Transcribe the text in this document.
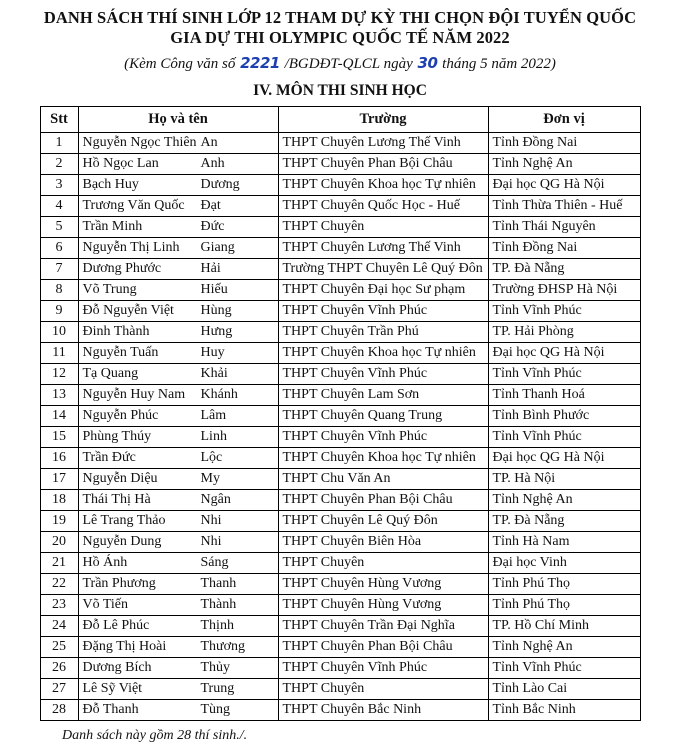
DANH SÁCH THÍ SINH LỚP 12 THAM DỰ KỲ THI CHỌN ĐỘI TUYỂN QUỐC
GIA DỰ THI OLYMPIC QUỐC TẾ NĂM 2022
(Kèm Công văn số 2221 /BGDĐT-QLCL ngày 30 tháng 5 năm 2022)
IV. MÔN THI SINH HỌC
Stt	Họ và tên	Trường	Đơn vị
1	Nguyễn Ngọc Thiên An	THPT Chuyên Lương Thế Vinh	Tỉnh Đồng Nai
2	Hồ Ngọc Lan Anh	THPT Chuyên Phan Bội Châu	Tỉnh Nghệ An
3	Bạch Huy Dương	THPT Chuyên Khoa học Tự nhiên	Đại học QG Hà Nội
4	Trương Văn Quốc Đạt	THPT Chuyên Quốc Học - Huế	Tỉnh Thừa Thiên - Huế
5	Trần Minh Đức	THPT Chuyên	Tỉnh Thái Nguyên
6	Nguyễn Thị Linh Giang	THPT Chuyên Lương Thế Vinh	Tỉnh Đồng Nai
7	Dương Phước Hải	Trường THPT Chuyên Lê Quý Đôn	TP. Đà Nẵng
8	Võ Trung Hiếu	THPT Chuyên Đại học Sư phạm	Trường ĐHSP Hà Nội
9	Đỗ Nguyễn Việt Hùng	THPT Chuyên Vĩnh Phúc	Tỉnh Vĩnh Phúc
10	Đinh Thành Hưng	THPT Chuyên Trần Phú	TP. Hải Phòng
11	Nguyễn Tuấn Huy	THPT Chuyên Khoa học Tự nhiên	Đại học QG Hà Nội
12	Tạ Quang Khải	THPT Chuyên Vĩnh Phúc	Tỉnh Vĩnh Phúc
13	Nguyễn Huy Nam Khánh	THPT Chuyên Lam Sơn	Tỉnh Thanh Hoá
14	Nguyễn Phúc Lâm	THPT Chuyên Quang Trung	Tỉnh Bình Phước
15	Phùng Thúy Linh	THPT Chuyên Vĩnh Phúc	Tỉnh Vĩnh Phúc
16	Trần Đức Lộc	THPT Chuyên Khoa học Tự nhiên	Đại học QG Hà Nội
17	Nguyễn Diệu My	THPT Chu Văn An	TP. Hà Nội
18	Thái Thị Hà Ngân	THPT Chuyên Phan Bội Châu	Tỉnh Nghệ An
19	Lê Trang Thảo Nhi	THPT Chuyên Lê Quý Đôn	TP. Đà Nẵng
20	Nguyễn Dung Nhi	THPT Chuyên Biên Hòa	Tỉnh Hà Nam
21	Hồ Ánh Sáng	THPT Chuyên	Đại học Vinh
22	Trần Phương Thanh	THPT Chuyên Hùng Vương	Tỉnh Phú Thọ
23	Võ Tiến Thành	THPT Chuyên Hùng Vương	Tỉnh Phú Thọ
24	Đỗ Lê Phúc Thịnh	THPT Chuyên Trần Đại Nghĩa	TP. Hồ Chí Minh
25	Đặng Thị Hoài Thương	THPT Chuyên Phan Bội Châu	Tỉnh Nghệ An
26	Dương Bích Thủy	THPT Chuyên Vĩnh Phúc	Tỉnh Vĩnh Phúc
27	Lê Sỹ Việt Trung	THPT Chuyên	Tỉnh Lào Cai
28	Đỗ Thanh Tùng	THPT Chuyên Bắc Ninh	Tỉnh Bắc Ninh
Danh sách này gồm 28 thí sinh./.
